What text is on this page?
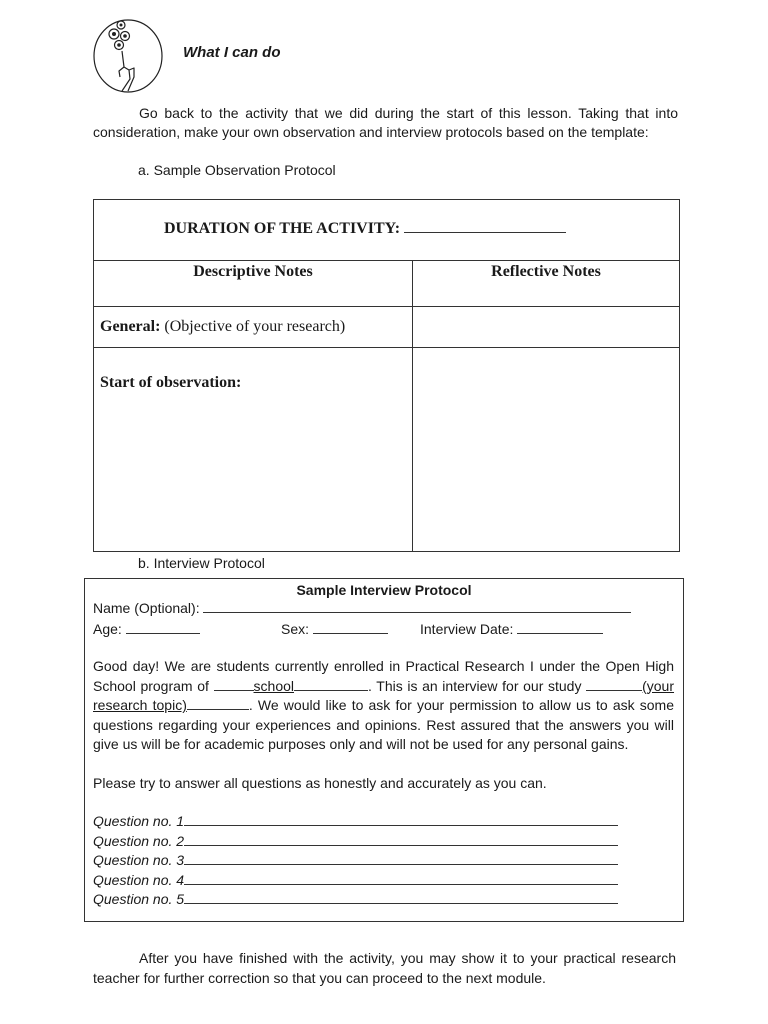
What I can do
Go back to the activity that we did during the start of this lesson. Taking that into consideration, make your own observation and interview protocols based on the template:
a. Sample Observation Protocol
DURATION OF THE ACTIVITY:	

Descriptive Notes	Reflective Notes

General: (Objective of your research)	

Start of observation:	

b. Interview Protocol
Sample Interview Protocol
Name (Optional):
Age:	Sex:	Interview Date:
Good day! We are students currently enrolled in Practical Research I under the Open High School program of	school	. This is an interview for our study	(your research topic)	. We would like to ask for your permission to allow us to ask some questions regarding your experiences and opinions. Rest assured that the answers you will give us will be for academic purposes only and will not be used for any personal gains.
Please try to answer all questions as honestly and accurately as you can.
Question no. 1
Question no. 2
Question no. 3
Question no. 4
Question no. 5
After you have finished with the activity, you may show it to your practical research teacher for further correction so that you can proceed to the next module.
